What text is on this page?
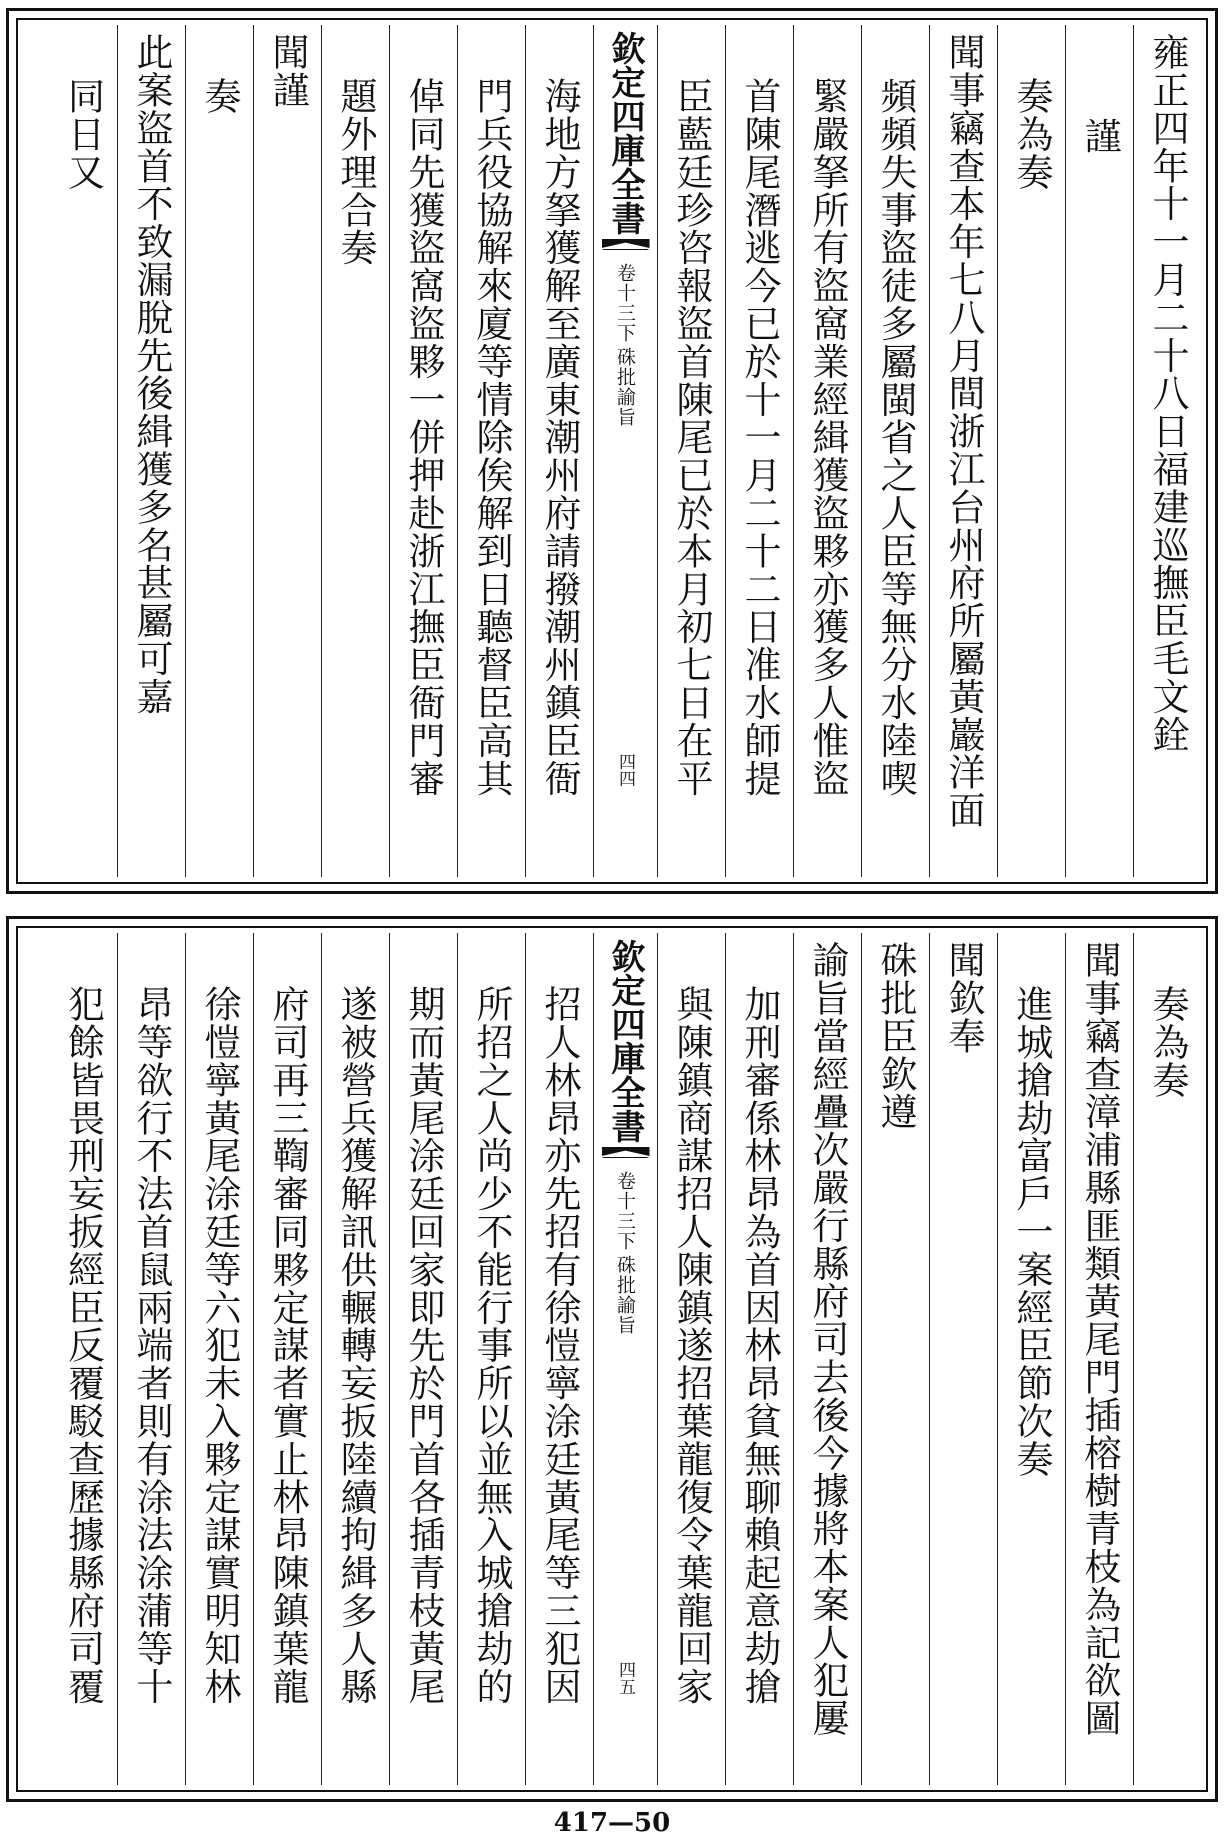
雍正四年十一月二十八日福建巡撫臣毛文銓
謹
奏為奏
聞事竊查本年七八月間浙江台州府所屬黃巖洋面
頻頻失事盜徒多屬閩省之人臣等無分水陸喫
緊嚴拏所有盜窩業經緝獲盜夥亦獲多人惟盜
首陳尾潛逃今已於十一月二十二日准水師提
臣藍廷珍咨報盜首陳尾已於本月初七日在平
欽定四庫全書
硃批諭旨
卷十三下
四四
海地方拏獲解至廣東潮州府請撥潮州鎮臣衙
門兵役協解來廈等情除俟解到日聽督臣高其
倬同先獲盜窩盜夥一併押赴浙江撫臣衙門審
題外理合奏
聞謹
奏
此案盜首不致漏脫先後緝獲多名甚屬可嘉
同日又
奏為奏
聞事竊查漳浦縣匪類黃尾門插榕樹青枝為記欲圖
進城搶劫富戶一案經臣節次奏
聞欽奉
硃批臣欽遵
諭旨當經疊次嚴行縣府司去後今據將本案人犯屢
加刑審係林昂為首因林昂貧無聊賴起意劫搶
與陳鎮商謀招人陳鎮遂招葉龍復令葉龍回家
欽定四庫全書
硃批諭旨
卷十三下
四五
招人林昂亦先招有徐愷寧涂廷黃尾等三犯因
所招之人尚少不能行事所以並無入城搶劫的
期而黃尾涂廷回家即先於門首各插青枝黃尾
遂被營兵獲解訊供輾轉妄扳陸續拘緝多人縣
府司再三鞫審同夥定謀者實止林昂陳鎮葉龍
徐愷寧黃尾涂廷等六犯未入夥定謀實明知林
昂等欲行不法首鼠兩端者則有涂法涂蒲等十
犯餘皆畏刑妄扳經臣反覆駁查歷據縣府司覆
417—50
